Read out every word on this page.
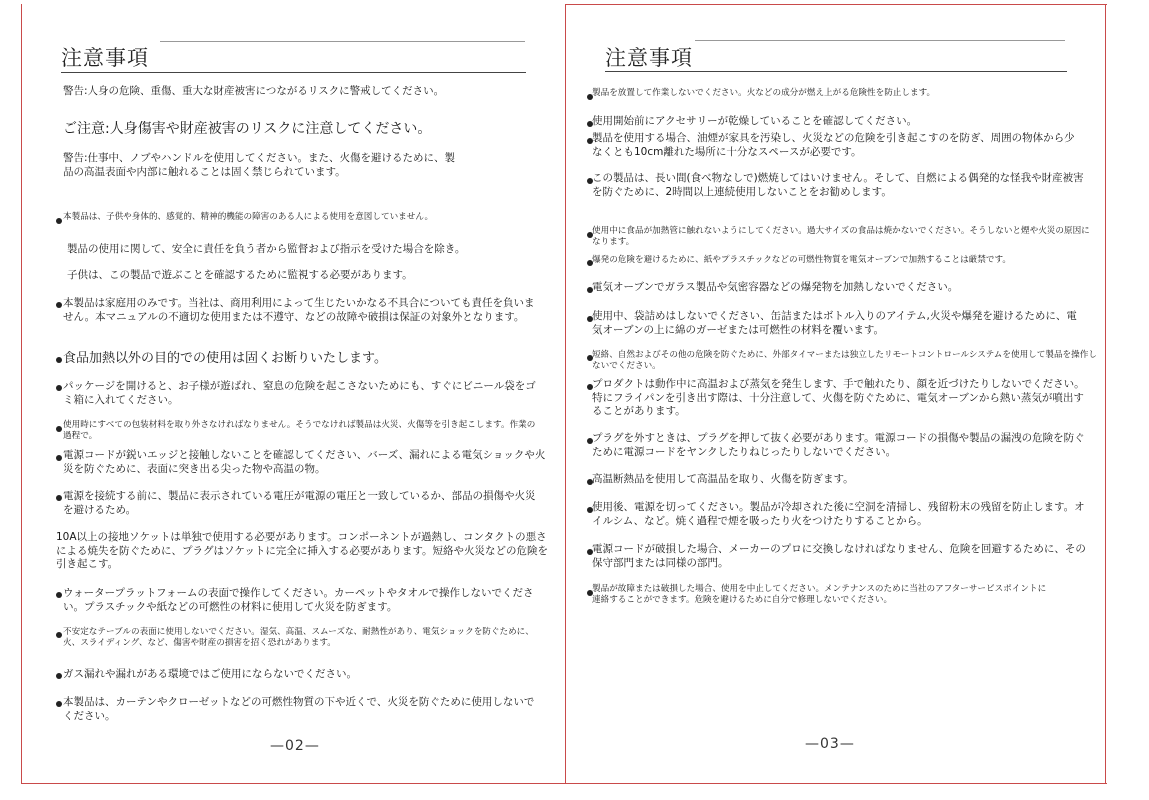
注意事項

警告:人身の危険、重傷、重大な財産被害につながるリスクに警戒してください。

ご注意:人身傷害や財産被害のリスクに注意してください。

警告:仕事中、ノブやハンドルを使用してください。また、火傷を避けるために、製品の高温表面や内部に触れることは固く禁じられています。

本製品は、子供や身体的、感覚的、精神的機能の障害のある人による使用を意図していません。

製品の使用に関して、安全に責任を負う者から監督および指示を受けた場合を除き。

子供は、この製品で遊ぶことを確認するために監視する必要があります。

本製品は家庭用のみです。当社は、商用利用によって生じたいかなる不具合についても責任を負いません。本マニュアルの不適切な使用または不遵守、などの故障や破損は保証の対象外となります。

食品加熱以外の目的での使用は固くお断りいたします。

パッケージを開けると、お子様が遊ばれ、窒息の危険を起こさないためにも、すぐにビニール袋をゴミ箱に入れてください。

使用時にすべての包装材料を取り外さなければなりません。そうでなければ製品は火災、火傷等を引き起こします。作業の過程で。

電源コードが鋭いエッジと接触しないことを確認してください、バーズ、漏れによる電気ショックや火災を防ぐために、表面に突き出る尖った物や高温の物。

電源を接続する前に、製品に表示されている電圧が電源の電圧と一致しているか、部品の損傷や火災を避けるため。

10A以上の接地ソケットは単独で使用する必要があります。コンポーネントが過熱し、コンタクトの悪さによる焼失を防ぐために、プラグはソケットに完全に挿入する必要があります。短絡や火災などの危険を引き起こす。

ウォータープラットフォームの表面で操作してください。カーペットやタオルで操作しないでください。プラスチックや紙などの可燃性の材料に使用して火災を防ぎます。

不安定なテーブルの表面に使用しないでください。湿気、高温、スムーズな、耐熱性があり、電気ショックを防ぐために、火、スライディング、など、傷害や財産の損害を招く恐れがあります。

ガス漏れや漏れがある環境ではご使用にならないでください。

本製品は、カーテンやクローゼットなどの可燃性物質の下や近くで、火災を防ぐために使用しないでください。

—02—
注意事項

製品を放置して作業しないでください。火などの成分が燃え上がる危険性を防止します。

使用開始前にアクセサリーが乾燥していることを確認してください。

製品を使用する場合、油煙が家具を汚染し、火災などの危険を引き起こすのを防ぎ、周囲の物体から少なくとも10cm離れた場所に十分なスペースが必要です。

この製品は、長い間(食べ物なしで)燃焼してはいけません。そして、自燃による偶発的な怪我や財産被害を防ぐために、2時間以上連続使用しないことをお勧めします。

使用中に食品が加熱管に触れないようにしてください。過大サイズの食品は焼かないでください。そうしないと煙や火災の原因になります。

爆発の危険を避けるために、紙やプラスチックなどの可燃性物質を電気オーブンで加熱することは厳禁です。

電気オーブンでガラス製品や気密容器などの爆発物を加熱しないでください。

使用中、袋詰めはしないでください、缶詰またはボトル入りのアイテム,火災や爆発を避けるために、電気オーブンの上に綿のガーゼまたは可燃性の材料を覆います。

短絡、自然およびその他の危険を防ぐために、外部タイマーまたは独立したリモートコントロールシステムを使用して製品を操作しないでください。

プロダクトは動作中に高温および蒸気を発生します、手で触れたり、顔を近づけたりしないでください。特にフライパンを引き出す際は、十分注意して、火傷を防ぐために、電気オーブンから熱い蒸気が噴出することがあります。

プラグを外すときは、プラグを押して抜く必要があります。電源コードの損傷や製品の漏洩の危険を防ぐために電源コードをヤンクしたりねじったりしないでください。

高温断熱品を使用して高温品を取り、火傷を防ぎます。

使用後、電源を切ってください。製品が冷却された後に空洞を清掃し、残留粉末の残留を防止します。オイルシム、など。焼く過程で煙を吸ったり火をつけたりすることから。

電源コードが破損した場合、メーカーのプロに交換しなければなりません、危険を回避するために、その保守部門または同様の部門。

製品が故障または破損した場合、使用を中止してください。メンテナンスのために当社のアフターサービスポイントに連絡することができます。危険を避けるために自分で修理しないでください。

—03—
